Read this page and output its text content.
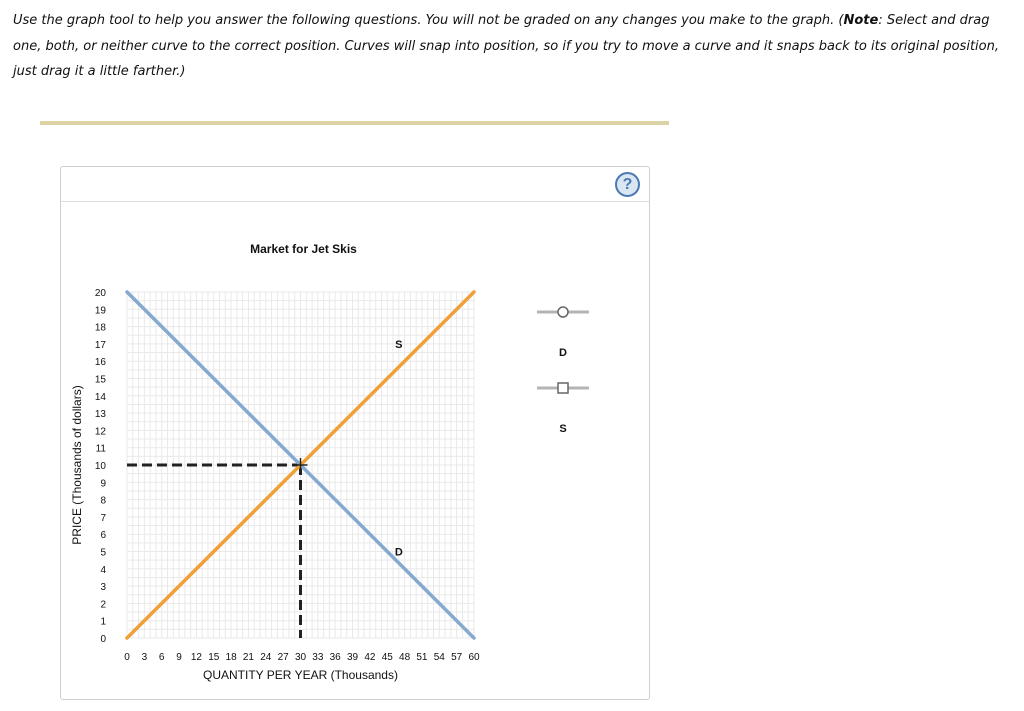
Use the graph tool to help you answer the following questions. You will not be graded on any changes you make to the graph. (Note: Select and drag one, both, or neither curve to the correct position. Curves will snap into position, so if you try to move a curve and it snaps back to its original position, just drag it a little farther.)
?
Market for Jet Skis
0
1
2
3
4
5
6
7
8
9
10
11
12
13
14
15
16
17
18
19
20
0 3 6 9 12 15 18 21 24 27 30 33 36 39 42 45 48 51 54 57 60
QUANTITY PER YEAR (Thousands)
PRICE (Thousands of dollars)
D
S
D
S
